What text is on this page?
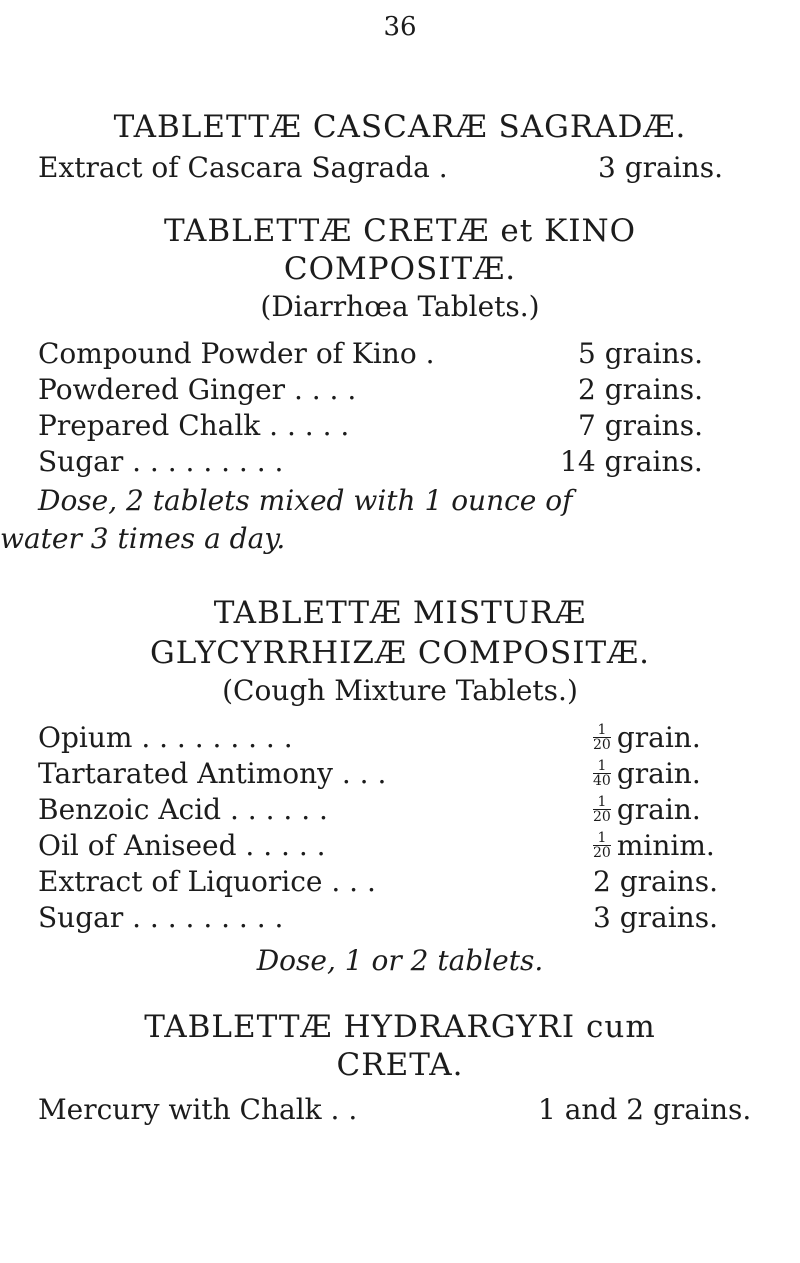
36
TABLETTÆ CASCARÆ SAGRADÆ.
Extract of Cascara Sagrada .	3 grains.
TABLETTÆ CRETÆ et KINO
COMPOSITÆ.
(Diarrhœa Tablets.)
Compound Powder of Kino .	5 grains.
Powdered Ginger . . . .	2 grains.
Prepared Chalk . . . . .	7 grains.
Sugar . . . . . . . . .	14 grains.
Dose, 2 tablets mixed with 1 ounce of
water 3 times a day.
TABLETTÆ MISTURÆ
GLYCYRRHIZÆ COMPOSITÆ.
(Cough Mixture Tablets.)
Opium . . . . . . . . .	$\frac{1}{20}$ grain.
Tartarated Antimony . . .	$\frac{1}{40}$ grain.
Benzoic Acid . . . . . .	$\frac{1}{20}$ grain.
Oil of Aniseed . . . . .	$\frac{1}{20}$ minim.
Extract of Liquorice . . .	2 grains.
Sugar . . . . . . . . .	3 grains.
Dose, 1 or 2 tablets.
TABLETTÆ HYDRARGYRI cum
CRETA.
Mercury with Chalk . .	1 and 2 grains.
